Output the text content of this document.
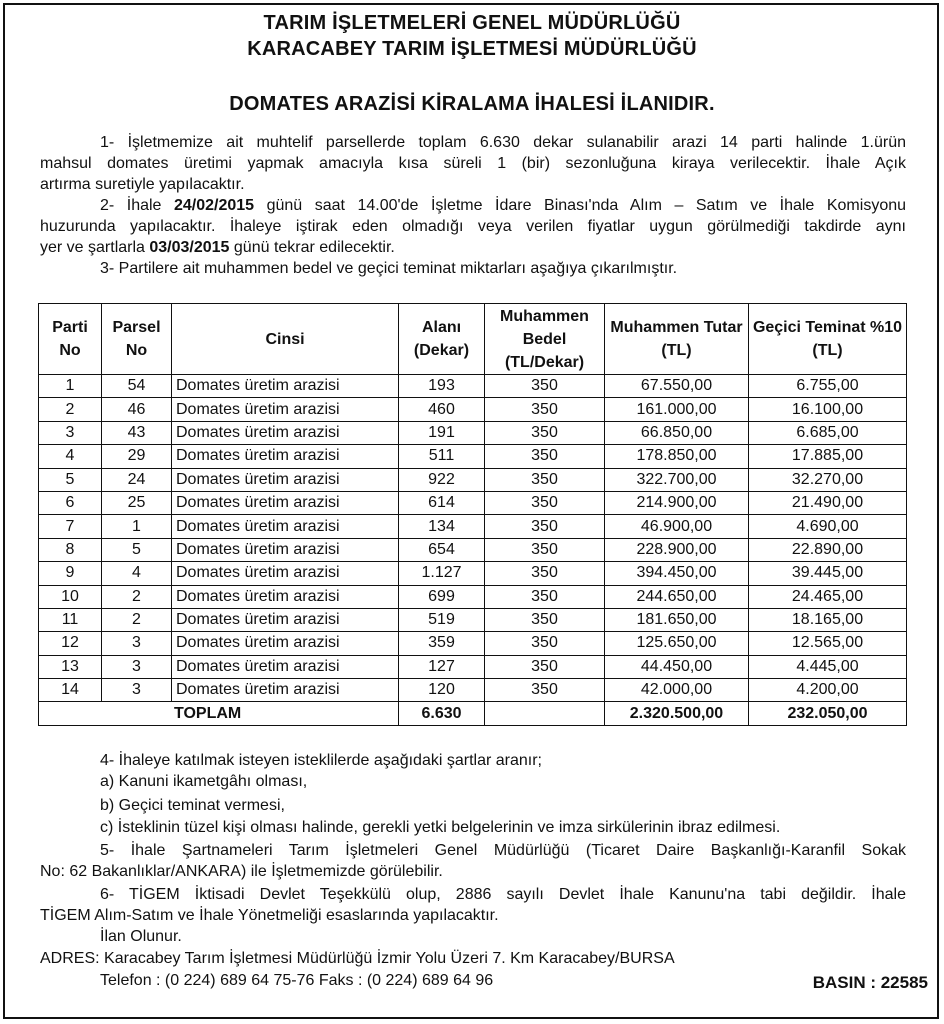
TARIM İŞLETMELERİ GENEL MÜDÜRLÜĞÜ
KARACABEY TARIM İŞLETMESİ MÜDÜRLÜĞÜ
DOMATES ARAZİSİ KİRALAMA İHALESİ İLANIDIR.
1- İşletmemize ait muhtelif parsellerde toplam 6.630 dekar sulanabilir arazi 14 parti halinde 1.ürün
mahsul domates üretimi yapmak amacıyla kısa süreli 1 (bir) sezonluğuna kiraya verilecektir. İhale Açık
artırma suretiyle yapılacaktır.
2- İhale 24/02/2015 günü saat 14.00'de İşletme İdare Binası'nda Alım – Satım ve İhale Komisyonu
huzurunda yapılacaktır. İhaleye iştirak eden olmadığı veya verilen fiyatlar uygun görülmediği takdirde aynı
yer ve şartlarla 03/03/2015 günü tekrar edilecektir.
3- Partilere ait muhammen bedel ve geçici teminat miktarları aşağıya çıkarılmıştır.
Parti No	Parsel No	Cinsi	Alanı (Dekar)	Muhammen Bedel (TL/Dekar)	Muhammen Tutar (TL)	Geçici Teminat %10 (TL)
1	54	Domates üretim arazisi	193	350	67.550,00	6.755,00
2	46	Domates üretim arazisi	460	350	161.000,00	16.100,00
3	43	Domates üretim arazisi	191	350	66.850,00	6.685,00
4	29	Domates üretim arazisi	511	350	178.850,00	17.885,00
5	24	Domates üretim arazisi	922	350	322.700,00	32.270,00
6	25	Domates üretim arazisi	614	350	214.900,00	21.490,00
7	1	Domates üretim arazisi	134	350	46.900,00	4.690,00
8	5	Domates üretim arazisi	654	350	228.900,00	22.890,00
9	4	Domates üretim arazisi	1.127	350	394.450,00	39.445,00
10	2	Domates üretim arazisi	699	350	244.650,00	24.465,00
11	2	Domates üretim arazisi	519	350	181.650,00	18.165,00
12	3	Domates üretim arazisi	359	350	125.650,00	12.565,00
13	3	Domates üretim arazisi	127	350	44.450,00	4.445,00
14	3	Domates üretim arazisi	120	350	42.000,00	4.200,00
TOPLAM			6.630		2.320.500,00	232.050,00
4- İhaleye katılmak isteyen isteklilerde aşağıdaki şartlar aranır;
a) Kanuni ikametgâhı olması,
b) Geçici teminat vermesi,
c) İsteklinin tüzel kişi olması halinde, gerekli yetki belgelerinin ve imza sirkülerinin ibraz edilmesi.
5- İhale Şartnameleri Tarım İşletmeleri Genel Müdürlüğü (Ticaret Daire Başkanlığı-Karanfil Sokak
No: 62 Bakanlıklar/ANKARA) ile İşletmemizde görülebilir.
6- TİGEM İktisadi Devlet Teşekkülü olup, 2886 sayılı Devlet İhale Kanunu'na tabi değildir. İhale
TİGEM Alım-Satım ve İhale Yönetmeliği esaslarında yapılacaktır.
İlan Olunur.
ADRES: Karacabey Tarım İşletmesi Müdürlüğü İzmir Yolu Üzeri 7. Km Karacabey/BURSA
Telefon : (0 224) 689 64 75-76 Faks : (0 224) 689 64 96	BASIN : 22585
